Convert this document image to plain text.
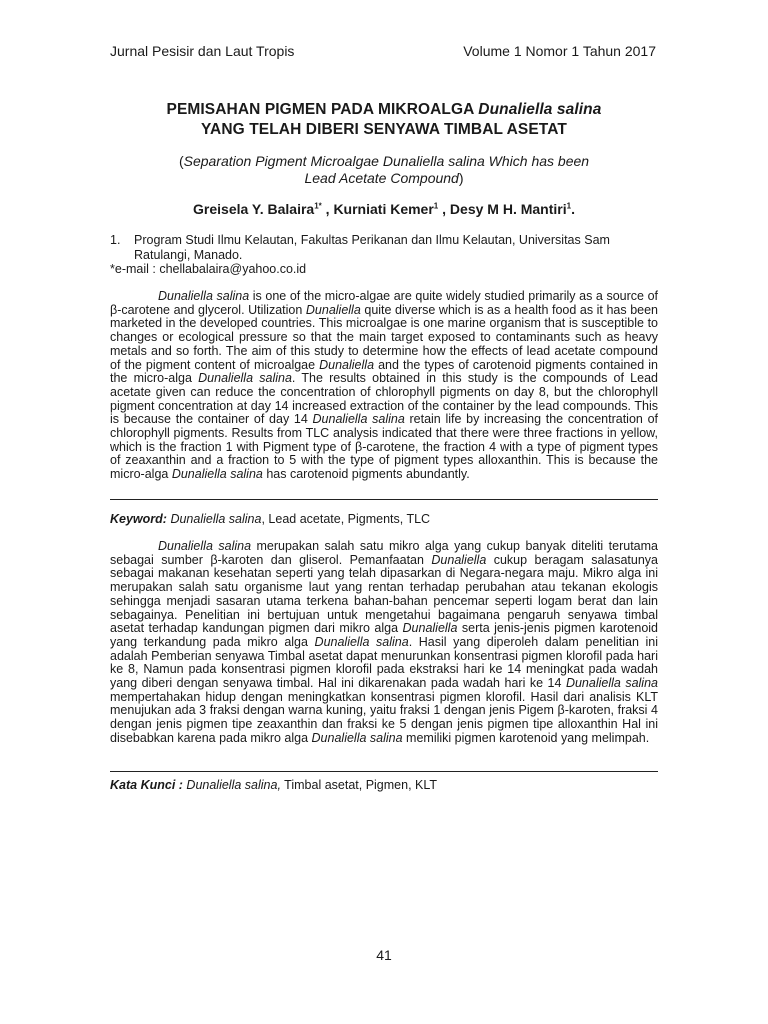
Jurnal Pesisir dan Laut Tropis	Volume 1 Nomor 1 Tahun 2017
PEMISAHAN PIGMEN PADA MIKROALGA Dunaliella salina
YANG TELAH DIBERI SENYAWA TIMBAL ASETAT
(Separation Pigment Microalgae Dunaliella salina Which has been Lead Acetate Compound)
Greisela Y. Balaira$^{1*}$ , Kurniati Kemer$^1$ , Desy M H. Mantiri$^1$.
1.	Program Studi Ilmu Kelautan, Fakultas Perikanan dan Ilmu Kelautan, Universitas Sam Ratulangi, Manado.
*e-mail : chellabalaira@yahoo.co.id
Dunaliella salina is one of the micro-algae are quite widely studied primarily as a source of β-carotene and glycerol. Utilization Dunaliella quite diverse which is as a health food as it has been marketed in the developed countries. This microalgae is one marine organism that is susceptible to changes or ecological pressure so that the main target exposed to contaminants such as heavy metals and so forth. The aim of this study to determine how the effects of lead acetate compound of the pigment content of microalgae Dunaliella and the types of carotenoid pigments contained in the micro-alga Dunaliella salina. The results obtained in this study is the compounds of Lead acetate given can reduce the concentration of chlorophyll pigments on day 8, but the chlorophyll pigment concentration at day 14 increased extraction of the container by the lead compounds. This is because the container of day 14 Dunaliella salina retain life by increasing the concentration of chlorophyll pigments. Results from TLC analysis indicated that there were three fractions in yellow, which is the fraction 1 with Pigment type of β-carotene, the fraction 4 with a type of pigment types of zeaxanthin and a fraction to 5 with the type of pigment types alloxanthin. This is because the micro-alga Dunaliella salina has carotenoid pigments abundantly.
Keyword: Dunaliella salina, Lead acetate, Pigments, TLC
Dunaliella salina merupakan salah satu mikro alga yang cukup banyak diteliti terutama sebagai sumber β-karoten dan gliserol. Pemanfaatan Dunaliella cukup beragam salasatunya sebagai makanan kesehatan seperti yang telah dipasarkan di Negara-negara maju. Mikro alga ini merupakan salah satu organisme laut yang rentan terhadap perubahan atau tekanan ekologis sehingga menjadi sasaran utama terkena bahan-bahan pencemar seperti logam berat dan lain sebagainya. Penelitian ini bertujuan untuk mengetahui bagaimana pengaruh senyawa timbal asetat terhadap kandungan pigmen dari mikro alga Dunaliella serta jenis-jenis pigmen karotenoid yang terkandung pada mikro alga Dunaliella salina. Hasil yang diperoleh dalam penelitian ini adalah Pemberian senyawa Timbal asetat dapat menurunkan konsentrasi pigmen klorofil pada hari ke 8, Namun pada konsentrasi pigmen klorofil pada ekstraksi hari ke 14 meningkat pada wadah yang diberi dengan senyawa timbal. Hal ini dikarenakan pada wadah hari ke 14 Dunaliella salina mempertahakan hidup dengan meningkatkan konsentrasi pigmen klorofil. Hasil dari analisis KLT menujukan ada 3 fraksi dengan warna kuning, yaitu fraksi 1 dengan jenis Pigem β-karoten, fraksi 4 dengan jenis pigmen tipe zeaxanthin dan fraksi ke 5 dengan jenis pigmen tipe alloxanthin Hal ini disebabkan karena pada mikro alga Dunaliella salina memiliki pigmen karotenoid yang melimpah.
Kata Kunci : Dunaliella salina, Timbal asetat, Pigmen, KLT
41
